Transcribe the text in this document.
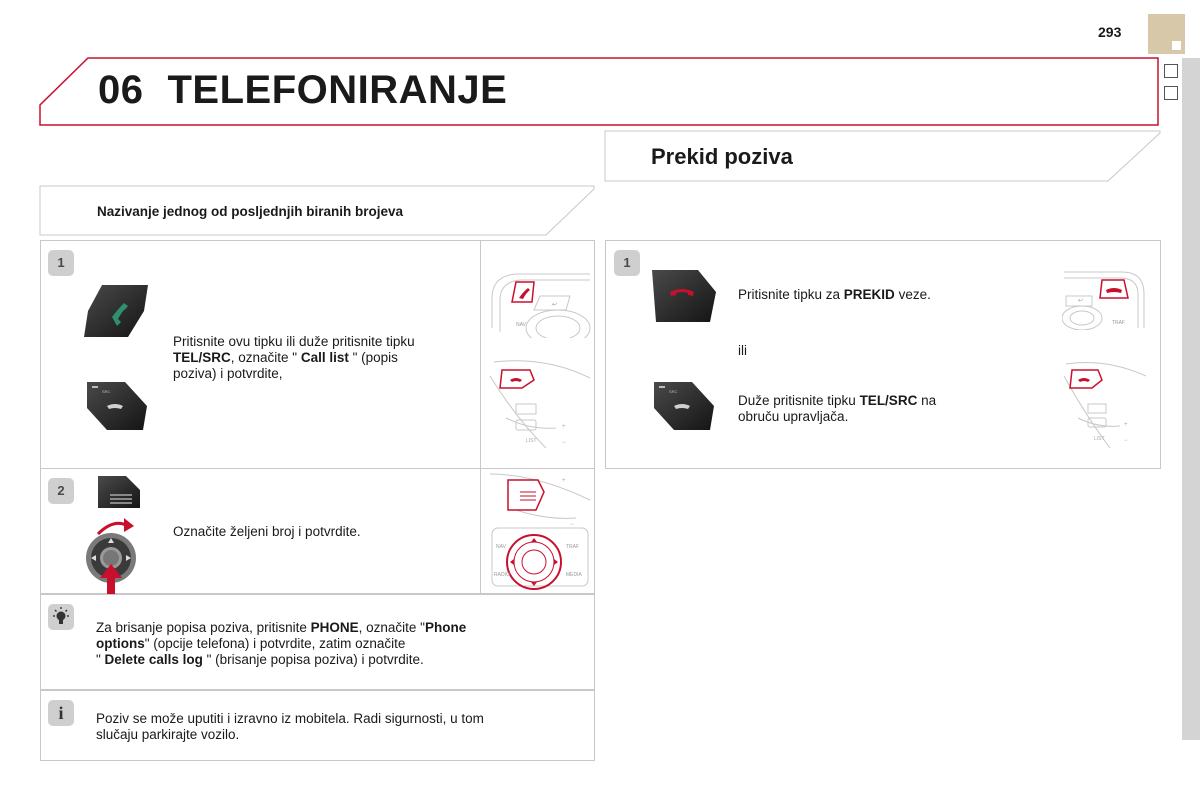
293
06 TELEFONIRANJE
Prekid poziva
Nazivanje jednog od posljednjih biranih brojeva
1
SRC
Pritisnite ovu tipku ili duže pritisnite tipku
TEL/SRC, označite " Call list " (popis
poziva) i potvrdite,
↩
NAV
+
−
LIST
2
Označite željeni broj i potvrdite.
+
−
NAV	TRAF
RADIO	MEDIA
Za brisanje popisa poziva, pritisnite PHONE, označite "Phone
options" (opcije telefona) i potvrdite, zatim označite
" Delete calls log " (brisanje popisa poziva) i potvrdite.
i	Poziv se može uputiti i izravno iz mobitela. Radi sigurnosti, u tom
slučaju parkirajte vozilo.
1
SRC
Pritisnite tipku za PREKID veze.
ili
Duže pritisnite tipku TEL/SRC na
obruču upravljača.
↩
TRAF
+
−
LIST
